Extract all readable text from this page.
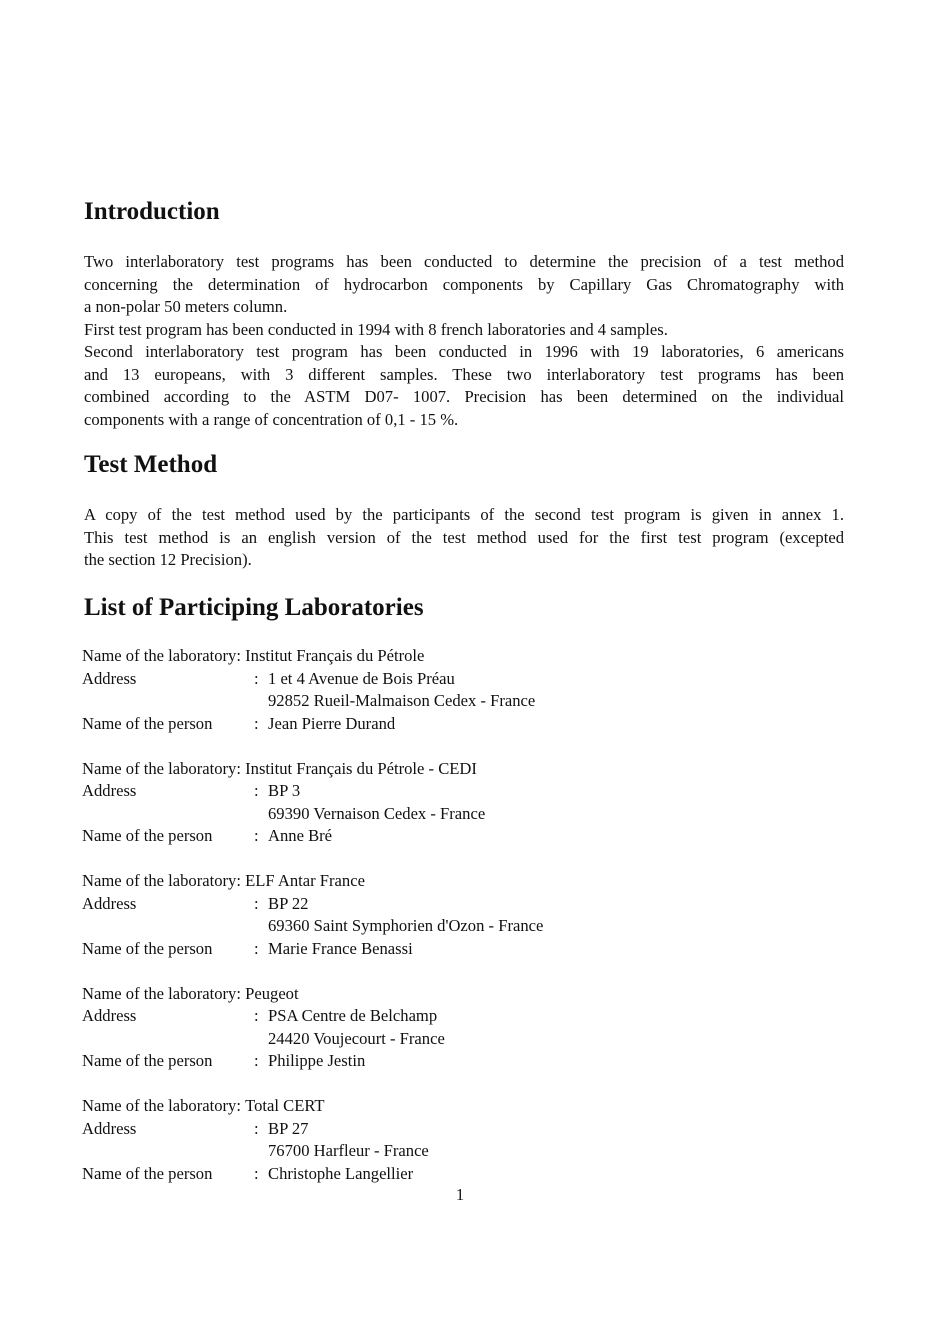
Introduction
Two interlaboratory test programs has been conducted to determine the precision of a test method
concerning the determination of hydrocarbon components by Capillary Gas Chromatography with
a non-polar 50 meters column.
First test program has been conducted in 1994 with 8 french laboratories and 4 samples.
Second interlaboratory test program has been conducted in 1996 with 19 laboratories, 6 americans
and 13 europeans, with 3 different samples. These two interlaboratory test programs has been
combined according to the ASTM D07- 1007. Precision has been determined on the individual
components with a range of concentration of 0,1 - 15 %.
Test Method
A copy of the test method used by the participants of the second test program is given in annex 1.
This test method is an english version of the test method used for the first test program (excepted
the section 12 Precision).
List of Participing Laboratories
Name of the laboratory:
Institut Français du Pétrole
Address	: 1 et 4 Avenue de Bois Préau
92852 Rueil-Malmaison Cedex - France
Name of the person	: Jean Pierre Durand
Name of the laboratory:
Institut Français du Pétrole - CEDI
Address	: BP 3
69390 Vernaison Cedex - France
Name of the person	: Anne Bré
Name of the laboratory:
ELF Antar France
Address	: BP 22
69360 Saint Symphorien d'Ozon - France
Name of the person	: Marie France Benassi
Name of the laboratory:
Peugeot
Address	: PSA Centre de Belchamp
24420 Voujecourt - France
Name of the person	: Philippe Jestin
Name of the laboratory:
Total CERT
Address	: BP 27
76700 Harfleur - France
Name of the person	: Christophe Langellier
1
